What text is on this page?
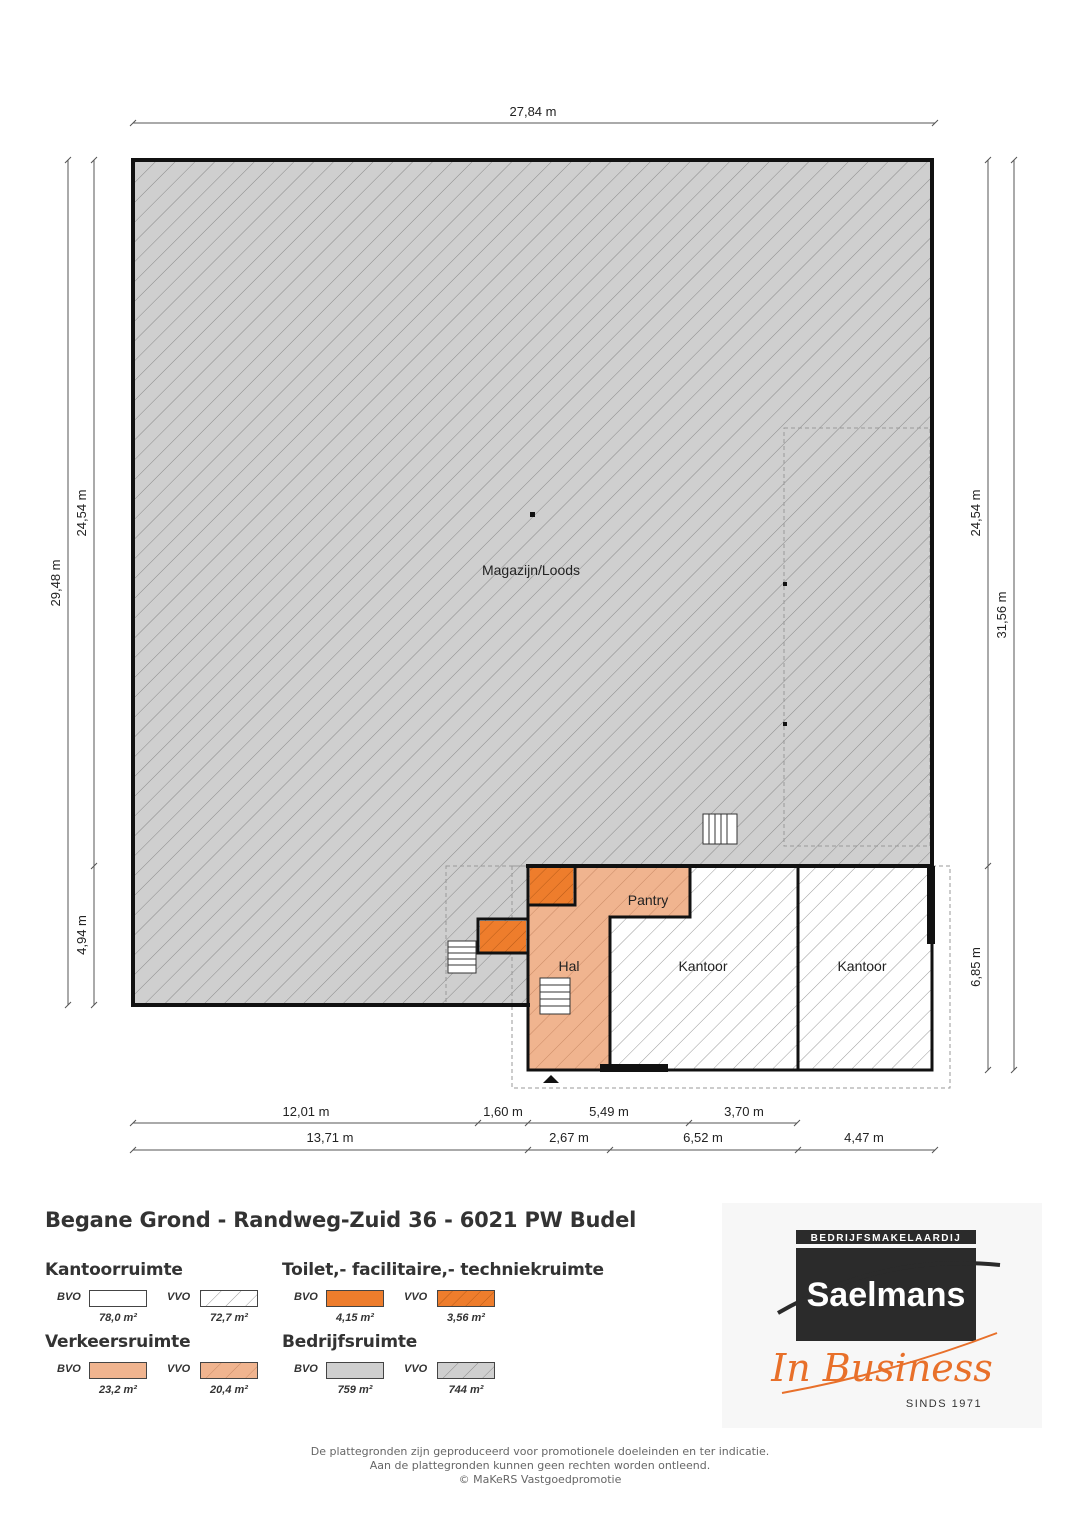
Magazijn/Loods
Pantry
Hal	Kantoor	Kantoor
27,84 m
29,48 m
24,54 m
4,94 m
24,54 m
31,56 m
6,85 m
12,01 m	1,60 m	5,49 m	3,70 m
13,71 m	2,67 m	6,52 m	4,47 m
Begane Grond - Randweg-Zuid 36 - 6021 PW Budel
Kantoorruimte
BVO
78,0 m²
VVO
72,7 m²
Verkeersruimte
BVO
23,2 m²
VVO
20,4 m²
Toilet,- facilitaire,- techniekruimte
BVO
4,15 m²
VVO
3,56 m²
Bedrijfsruimte
BVO
759 m²
VVO
744 m²
BEDRIJFSMAKELAARDIJ
Saelmans
In Business
SINDS 1971
De plattegronden zijn geproduceerd voor promotionele doeleinden en ter indicatie.
Aan de plattegronden kunnen geen rechten worden ontleend.
© MaKeRS Vastgoedpromotie
